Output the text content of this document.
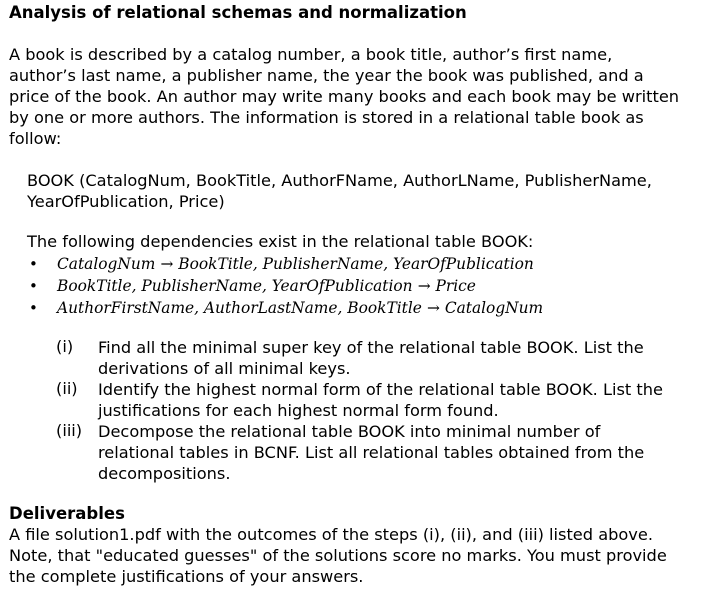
Analysis of relational schemas and normalization
A book is described by a catalog number, a book title, author’s first name,
author’s last name, a publisher name, the year the book was published, and a
price of the book. An author may write many books and each book may be written
by one or more authors. The information is stored in a relational table book as
follow:
BOOK (CatalogNum, BookTitle, AuthorFName, AuthorLName, PublisherName,
YearOfPublication, Price)
The following dependencies exist in the relational table BOOK:
• CatalogNum → BookTitle, PublisherName, YearOfPublication
• BookTitle, PublisherName, YearOfPublication → Price
• AuthorFirstName, AuthorLastName, BookTitle → CatalogNum
(i) Find all the minimal super key of the relational table BOOK. List the
derivations of all minimal keys.
(ii) Identify the highest normal form of the relational table BOOK. List the
justifications for each highest normal form found.
(iii) Decompose the relational table BOOK into minimal number of
relational tables in BCNF. List all relational tables obtained from the
decompositions.
Deliverables
A file solution1.pdf with the outcomes of the steps (i), (ii), and (iii) listed above.
Note, that "educated guesses" of the solutions score no marks. You must provide
the complete justifications of your answers.
